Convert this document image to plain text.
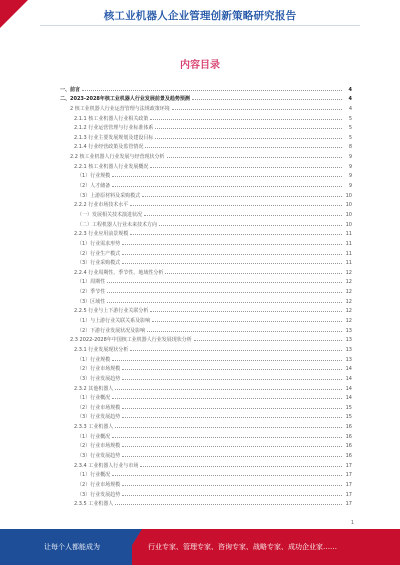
核工业机器人企业管理创新策略研究报告
内容目录
一、前言	4
二、2023-2028年核工业机器人行业发展前景及趋势预测	4
2 核工业机器人行业运营管理与法规政策环境	4
2.1.1 核工业机器人行业相关政策	5
2.1.2 行业运营管理与行业标准体系	5
2.1.3 行业主要发展规划及建设目标	5
2.1.4 行业经营政策及监管情况	8
2.2 核工业机器人行业发展与经营现状分析	9
2.2.1 核工业机器人行业发展概况	9
（1）行业规模	9
（2）人才储备	9
（3）上游原材料及采购模式	10
2.2.2 行业市场技术水平	10
（一）发展相关技术演进状况	10
（二）工程机器人行业未来技术方向	10
2.2.3 行业应用前景规模	11
（1）行业需求形势	11
（2）行业生产模式	11
（3）行业采购模式	11
2.2.4 行业周期性、季节性、地域性分析	12
（1）周期性	12
（2）季节性	12
（3）区域性	12
2.2.5 行业与上下游行业关联分析	12
（1）与上游行业关联关系及影响	12
（2）下游行业发展状况及影响	13
2.3 2022-2028年中国核工业机器人行业发展现状分析	13
2.3.1 行业发展现状分析	13
（1）行业规模	13
（2）行业市场规模	14
（3）行业发展趋势	14
2.3.2 其他机器人	14
（1）行业概况	14
（2）行业市场规模	15
（3）行业发展趋势	15
2.3.3 工业机器人	16
（1）行业概况	16
（2）行业市场规模	16
（3）行业发展趋势	16
2.3.4 工业机器人行业与市场	17
（1）行业概况	17
（2）行业市场规模	17
（3）行业发展趋势	17
2.3.5 工业机器人	17
1
让每个人都能成为	行业专家、管理专家、咨询专家、战略专家、成功企业家……
